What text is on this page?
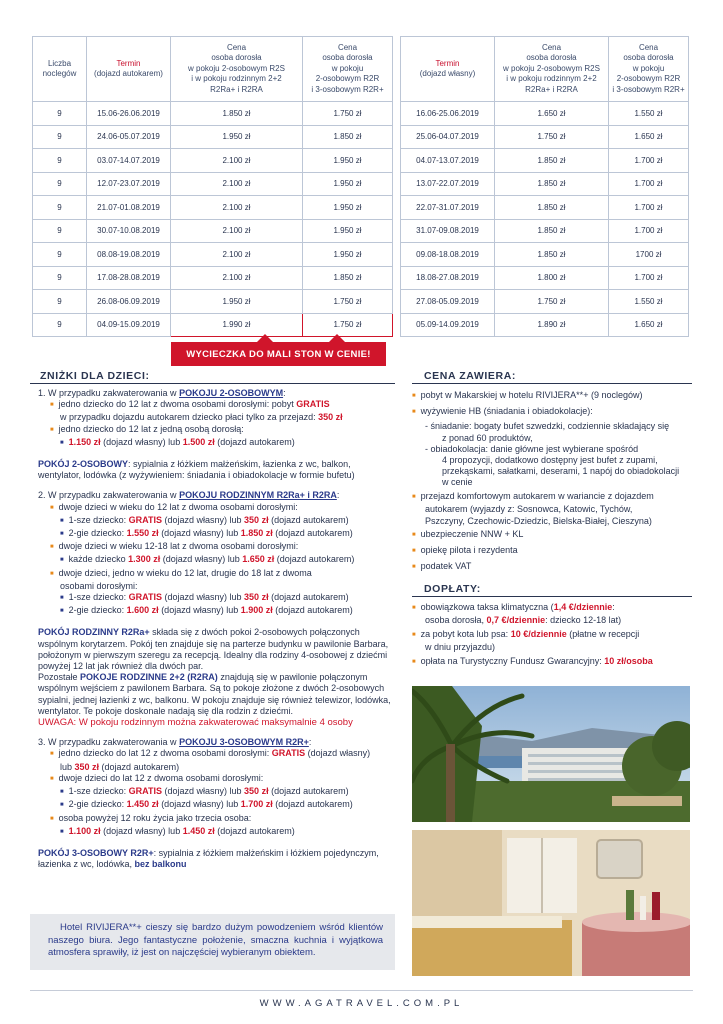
Liczba
noclegów	Termin
(dojazd autokarem)	Cena
osoba dorosła
w pokoju 2-osobowym R2S
i w pokoju rodzinnym 2+2
R2Ra+ i R2RA	Cena
osoba dorosła
w pokoju
2-osobowym R2R
i 3-osobowym R2R+		Termin
(dojazd własny)	Cena
osoba dorosła
w pokoju 2-osobowym R2S
i w pokoju rodzinnym 2+2
R2Ra+ i R2RA	Cena
osoba dorosła
w pokoju
2-osobowym R2R
i 3-osobowym R2R+
9	15.06-26.06.2019	1.850 zł	1.750 zł		16.06-25.06.2019	1.650 zł	1.550 zł
9	24.06-05.07.2019	1.950 zł	1.850 zł		25.06-04.07.2019	1.750 zł	1.650 zł
9	03.07-14.07.2019	2.100 zł	1.950 zł		04.07-13.07.2019	1.850 zł	1.700 zł
9	12.07-23.07.2019	2.100 zł	1.950 zł		13.07-22.07.2019	1.850 zł	1.700 zł
9	21.07-01.08.2019	2.100 zł	1.950 zł		22.07-31.07.2019	1.850 zł	1.700 zł
9	30.07-10.08.2019	2.100 zł	1.950 zł		31.07-09.08.2019	1.850 zł	1.700 zł
9	08.08-19.08.2019	2.100 zł	1.950 zł		09.08-18.08.2019	1.850 zł	1700 zł
9	17.08-28.08.2019	2.100 zł	1.850 zł		18.08-27.08.2019	1.800 zł	1.700 zł
9	26.08-06.09.2019	1.950 zł	1.750 zł		27.08-05.09.2019	1.750 zł	1.550 zł
9	04.09-15.09.2019	1.990 zł	1.750 zł		05.09-14.09.2019	1.890 zł	1.650 zł
WYCIECZKA DO MALI STON W CENIE!
ZNIŻKI DLA DZIECI:

1. W przypadku zakwaterowania w POKOJU 2-OSOBOWYM:

■ jedno dziecko do 12 lat z dwoma osobami dorosłymi: pobyt GRATIS

w przypadku dojazdu autokarem dziecko płaci tylko za przejazd: 350 zł

■ jedno dziecko do 12 lat z jedną osobą dorosłą:

■ 1.150 zł (dojazd własny) lub 1.500 zł (dojazd autokarem)

POKÓJ 2-OSOBOWY: sypialnia z łóżkiem małżeńskim, łazienka z wc, balkon, wentylator, lodówka (z wyżywieniem: śniadania i obiadokolacje w formie bufetu)

2. W przypadku zakwaterowania w POKOJU RODZINNYM R2Ra+ i R2RA:

■ dwoje dzieci w wieku do 12 lat z dwoma osobami dorosłymi:

■ 1-sze dziecko: GRATIS (dojazd własny) lub 350 zł (dojazd autokarem)

■ 2-gie dziecko: 1.550 zł (dojazd własny) lub 1.850 zł (dojazd autokarem)

■ dwoje dzieci w wieku 12-18 lat z dwoma osobami dorosłymi:

■ każde dziecko 1.300 zł (dojazd własny) lub 1.650 zł (dojazd autokarem)

■ dwoje dzieci, jedno w wieku do 12 lat, drugie do 18 lat z dwoma

osobami dorosłymi:

■ 1-sze dziecko: GRATIS (dojazd własny) lub 350 zł (dojazd autokarem)

■ 2-gie dziecko: 1.600 zł (dojazd własny) lub 1.900 zł (dojazd autokarem)

POKÓJ RODZINNY R2Ra+ składa się z dwóch pokoi 2-osobowych połączonych wspólnym korytarzem. Pokój ten znajduje się na parterze budynku w pawilonie Barbara, położonym w pierwszym szeregu za recepcją. Idealny dla rodziny 4-osobowej z dziećmi powyżej 12 lat jak również dla dwóch par.

Pozostałe POKOJE RODZINNE 2+2 (R2RA) znajdują się w pawilonie połączonym wspólnym wejściem z pawilonem Barbara. Są to pokoje złożone z dwóch 2-osobowych sypialni, jednej łazienki z wc, balkonu. W pokoju znajduje się również telewizor, lodówka, wentylator. Te pokoje doskonale nadają się dla rodzin z dziećmi.

UWAGA: W pokoju rodzinnym można zakwaterować maksymalnie 4 osoby

3. W przypadku zakwaterowania w POKOJU 3-OSOBOWYM R2R+:

■ jedno dziecko do lat 12 z dwoma osobami dorosłymi: GRATIS (dojazd własny)

lub 350 zł (dojazd autokarem)

■ dwoje dzieci do lat 12 z dwoma osobami dorosłymi:

■ 1-sze dziecko: GRATIS (dojazd własny) lub 350 zł (dojazd autokarem)

■ 2-gie dziecko: 1.450 zł (dojazd własny) lub 1.700 zł (dojazd autokarem)

■ osoba powyżej 12 roku życia jako trzecia osoba:

■ 1.100 zł (dojazd własny) lub 1.450 zł (dojazd autokarem)

POKÓJ 3-OSOBOWY R2R+: sypialnia z łóżkiem małżeńskim i łóżkiem pojedynczym, łazienka z wc, lodówka, bez balkonu

Hotel RIVIJERA**+ cieszy się bardzo dużym powodzeniem wśród klientów naszego biura. Jego fantastyczne położenie, smaczna kuchnia i wyjątkowa atmosfera sprawiły, iż jest on najczęściej wybieranym obiektem.

CENA ZAWIERA:

■ pobyt w Makarskiej w hotelu RIVIJERA**+ (9 noclegów)

■ wyżywienie HB (śniadania i obiadokolacje):

- śniadanie: bogaty bufet szwedzki, codziennie składający się

z ponad 60 produktów,

- obiadokolacja: danie główne jest wybierane spośród

4 propozycji, dodatkowo dostępny jest bufet z zupami,

przekąskami, sałatkami, deserami, 1 napój do obiadokolacji

w cenie

■ przejazd komfortowym autokarem w wariancie z dojazdem

autokarem (wyjazdy z: Sosnowca, Katowic, Tychów,

Pszczyny, Czechowic-Dziedzic, Bielska-Białej, Cieszyna)

■ ubezpieczenie NNW + KL

■ opiekę pilota i rezydenta

■ podatek VAT

DOPŁATY:

■ obowiązkowa taksa klimatyczna (1,4 €/dziennie:

osoba dorosła, 0,7 €/dziennie: dziecko 12-18 lat)

■ za pobyt kota lub psa: 10 €/dziennie (płatne w recepcji

w dniu przyjazdu)

■ opłata na Turystyczny Fundusz Gwarancyjny: 10 zł/osoba

WWW.AGATRAVEL.COM.PL
